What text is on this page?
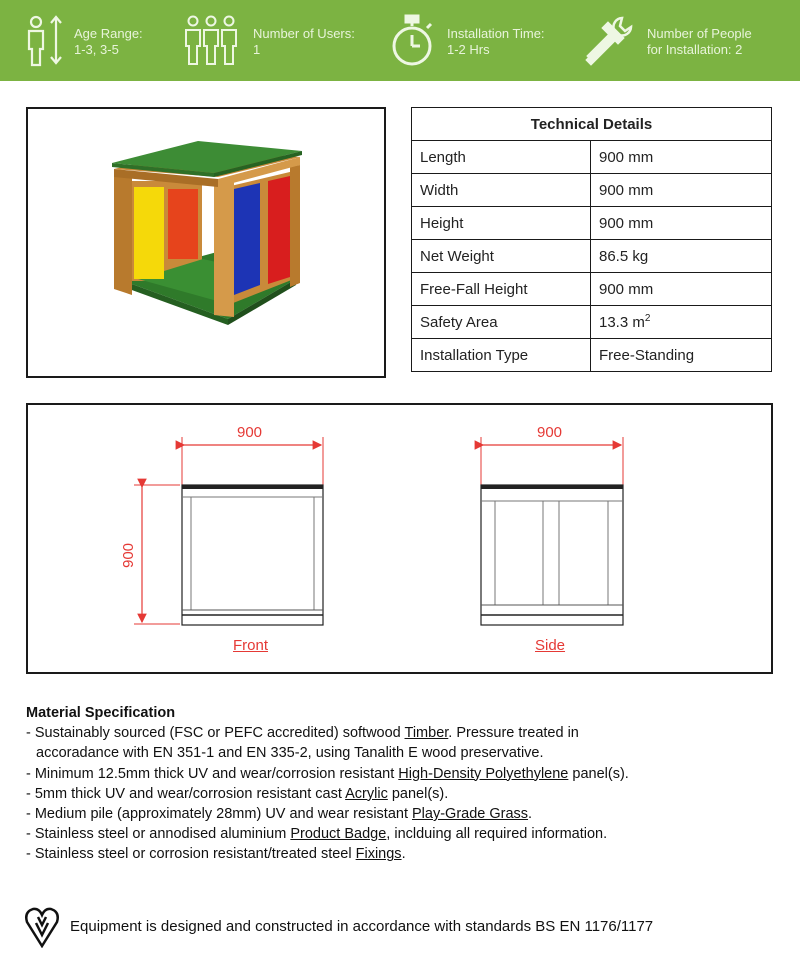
Age Range:
1-3, 3-5
Number of Users:
1
Installation Time:
1-2 Hrs
Number of People
for Installation: 2
Technical Details	
Length	900 mm
Width	900 mm
Height	900 mm
Net Weight	86.5 kg
Free-Fall Height	900 mm
Safety Area	13.3 $m^2$
Installation Type	Free-Standing
900
900
Front
900
Side
Material Specification
- Sustainably sourced (FSC or PEFC accredited) softwood Timber. Pressure treated in
accoradance with EN 351-1 and EN 335-2, using Tanalith E wood preservative.
- Minimum 12.5mm thick UV and wear/corrosion resistant High-Density Polyethylene panel(s).
- 5mm thick UV and wear/corrosion resistant cast Acrylic panel(s).
- Medium pile (approximately 28mm) UV and wear resistant Play-Grade Grass.
- Stainless steel or annodised aluminium Product Badge, inclduing all required information.
- Stainless steel or corrosion resistant/treated steel Fixings.
Equipment is designed and constructed in accordance with standards BS EN 1176/1177
